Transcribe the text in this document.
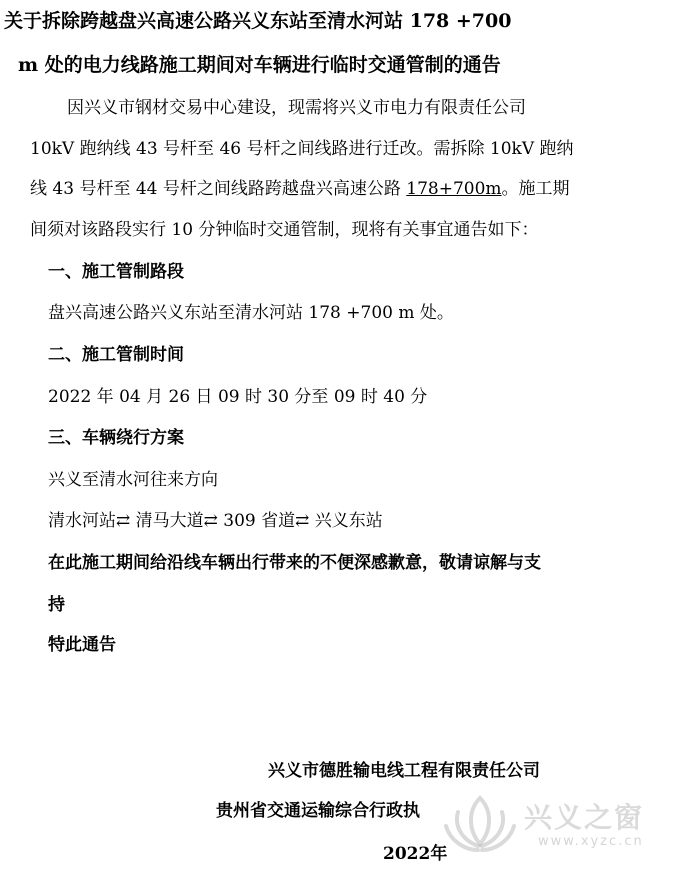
关于拆除跨越盘兴高速公路兴义东站至清水河站 178 +700
m 处的电力线路施工期间对车辆进行临时交通管制的通告
因兴义市钢材交易中心建设，现需将兴义市电力有限责任公司
10kV 跑纳线 43 号杆至 46 号杆之间线路进行迁改。需拆除 10kV 跑纳
线 43 号杆至 44 号杆之间线路跨越盘兴高速公路 178+700m。施工期
间须对该路段实行 10 分钟临时交通管制，现将有关事宜通告如下：
一、施工管制路段
盘兴高速公路兴义东站至清水河站 178 +700 m 处。
二、施工管制时间
2022 年 04 月 26 日 09 时 30 分至 09 时 40 分
三、车辆绕行方案
兴义至清水河往来方向
清水河站⇄ 清马大道⇄ 309 省道⇄ 兴义东站
在此施工期间给沿线车辆出行带来的不便深感歉意，敬请谅解与支
持
特此通告
兴义市德胜输电线工程有限责任公司
贵州省交通运输综合行政执
2022年
兴义之窗
www.xyzc.cn
